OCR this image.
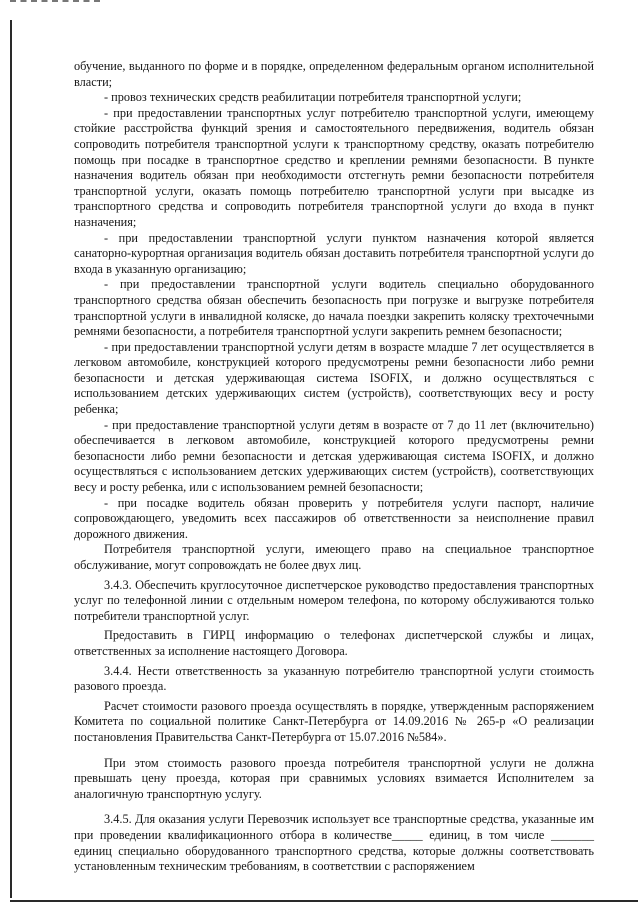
обучение, выданного по форме и в порядке, определенном федеральным органом исполнительной власти;

- провоз технических средств реабилитации потребителя транспортной услуги;

- при предоставлении транспортных услуг потребителю транспортной услуги, имеющему стойкие расстройства функций зрения и самостоятельного передвижения, водитель обязан сопроводить потребителя транспортной услуги к транспортному средству, оказать потребителю помощь при посадке в транспортное средство и креплении ремнями безопасности. В пункте назначения водитель обязан при необходимости отстегнуть ремни безопасности потребителя транспортной услуги, оказать помощь потребителю транспортной услуги при высадке из транспортного средства и сопроводить потребителя транспортной услуги до входа в пункт назначения;

- при предоставлении транспортной услуги пунктом назначения которой является санаторно-курортная организация водитель обязан доставить потребителя транспортной услуги до входа в указанную организацию;

- при предоставлении транспортной услуги водитель специально оборудованного транспортного средства обязан обеспечить безопасность при погрузке и выгрузке потребителя транспортной услуги в инвалидной коляске, до начала поездки закрепить коляску трехточечными ремнями безопасности, а потребителя транспортной услуги закрепить ремнем безопасности;

- при предоставлении транспортной услуги детям в возрасте младше 7 лет осуществляется в легковом автомобиле, конструкцией которого предусмотрены ремни безопасности либо ремни безопасности и детская удерживающая система ISOFIX, и должно осуществляться с использованием детских удерживающих систем (устройств), соответствующих весу и росту ребенка;

- при предоставление транспортной услуги детям в возрасте от 7 до 11 лет (включительно) обеспечивается в легковом автомобиле, конструкцией которого предусмотрены ремни безопасности либо ремни безопасности и детская удерживающая система ISOFIX, и должно осуществляться с использованием детских удерживающих систем (устройств), соответствующих весу и росту ребенка, или с использованием ремней безопасности;

- при посадке водитель обязан проверить у потребителя услуги паспорт, наличие сопровождающего, уведомить всех пассажиров об ответственности за неисполнение правил дорожного движения.

Потребителя транспортной услуги, имеющего право на специальное транспортное обслуживание, могут сопровождать не более двух лиц.

3.4.3. Обеспечить круглосуточное диспетчерское руководство предоставления транспортных услуг по телефонной линии с отдельным номером телефона, по которому обслуживаются только потребители транспортной услуг.

Предоставить в ГИРЦ информацию о телефонах диспетчерской службы и лицах, ответственных за исполнение настоящего Договора.

3.4.4. Нести ответственность за указанную потребителю транспортной услуги стоимость разового проезда.

Расчет стоимости разового проезда осуществлять в порядке, утвержденным распоряжением Комитета по социальной политике Санкт-Петербурга от 14.09.2016 № 265-р «О реализации постановления Правительства Санкт-Петербурга от 15.07.2016 №584».

При этом стоимость разового проезда потребителя транспортной услуги не должна превышать цену проезда, которая при сравнимых условиях взимается Исполнителем за аналогичную транспортную услугу.

3.4.5. Для оказания услуги Перевозчик использует все транспортные средства, указанные им при проведении квалификационного отбора в количестве_____ единиц, в том числе _______ единиц специально оборудованного транспортного средства, которые должны соответствовать установленным техническим требованиям, в соответствии с распоряжением
